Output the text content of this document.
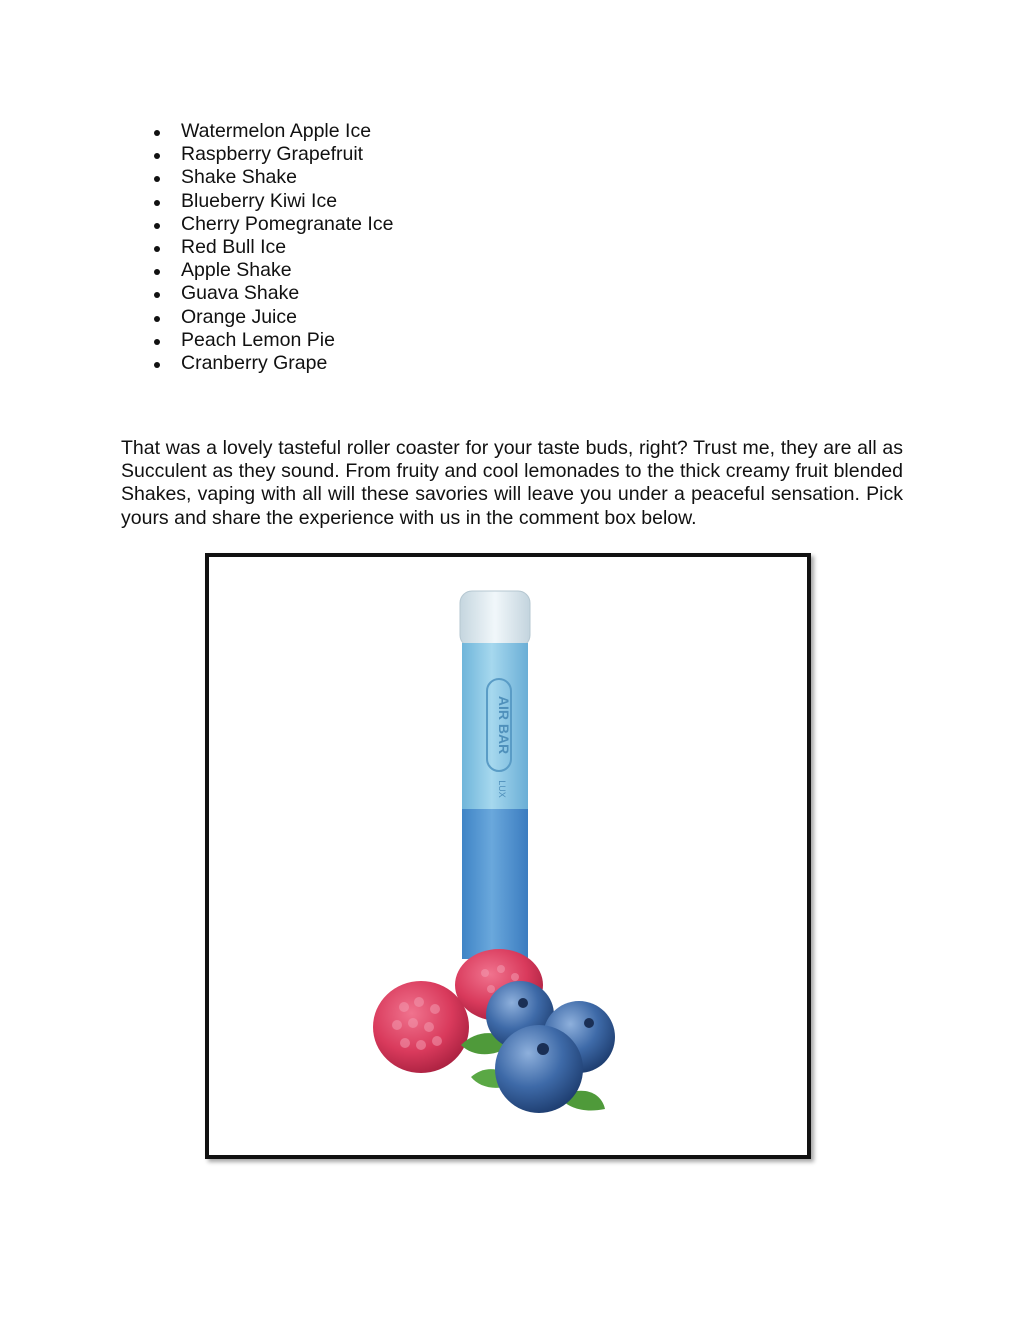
Watermelon Apple Ice
Raspberry Grapefruit
Shake Shake
Blueberry Kiwi Ice
Cherry Pomegranate Ice
Red Bull Ice
Apple Shake
Guava Shake
Orange Juice
Peach Lemon Pie
Cranberry Grape

That was a lovely tasteful roller coaster for your taste buds, right? Trust me, they are all as Succulent as they sound. From fruity and cool lemonades to the thick creamy fruit blended Shakes, vaping with all will these savories will leave you under a peaceful sensation. Pick yours and share the experience with us in the comment box below.

AIR BAR
LUX
